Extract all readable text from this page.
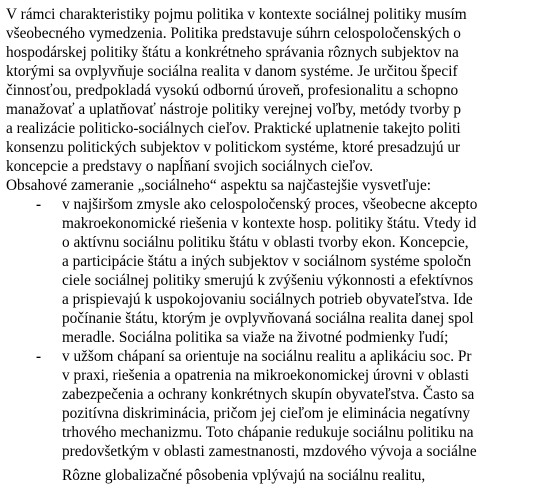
V rámci charakteristiky pojmu politika v kontexte sociálnej politiky musím
všeobecného vymedzenia. Politika predstavuje súhrn celospoločenských o
hospodárskej politiky štátu a konkrétneho správania rôznych subjektov na
ktorými sa ovplyvňuje sociálna realita v danom systéme. Je určitou špecif
činnosťou, predpokladá vysokú odbornú úroveň, profesionalitu a schopno
manažovať a uplatňovať nástroje politiky verejnej voľby, metódy tvorby p
a realizácie politicko-sociálnych cieľov. Praktické uplatnenie takejto politi
konsenzu politických subjektov v politickom systéme, ktoré presadzujú ur
koncepcie a predstavy o napĺňaní svojich sociálnych cieľov.
Obsahové zameranie „sociálneho“ aspektu sa najčastejšie vysvetľuje:
- v najširšom zmysle ako celospoločenský proces, všeobecne akcepto
makroekonomické riešenia v kontexte hosp. politiky štátu. Vtedy id
o aktívnu sociálnu politiku štátu v oblasti tvorby ekon. Koncepcie,
a participácie štátu a iných subjektov v sociálnom systéme spoločn
ciele sociálnej politiky smerujú k zvýšeniu výkonnosti a efektívnos
a prispievajú k uspokojovaniu sociálnych potrieb obyvateľstva. Ide
počínanie štátu, ktorým je ovplyvňovaná sociálna realita danej spol
meradle. Sociálna politika sa viaže na životné podmienky ľudí;
- v užšom chápaní sa orientuje na sociálnu realitu a aplikáciu soc. Pr
v praxi, riešenia a opatrenia na mikroekonomickej úrovni v oblasti
zabezpečenia a ochrany konkrétnych skupín obyvateľstva. Často sa
pozitívna diskriminácia, pričom jej cieľom je eliminácia negatívny
trhového mechanizmu. Toto chápanie redukuje sociálnu politiku na
predovšetkým v oblasti zamestnanosti, mzdového vývoja a sociálne
Rôzne globalizačné pôsobenia vplývajú na sociálnu realitu,
